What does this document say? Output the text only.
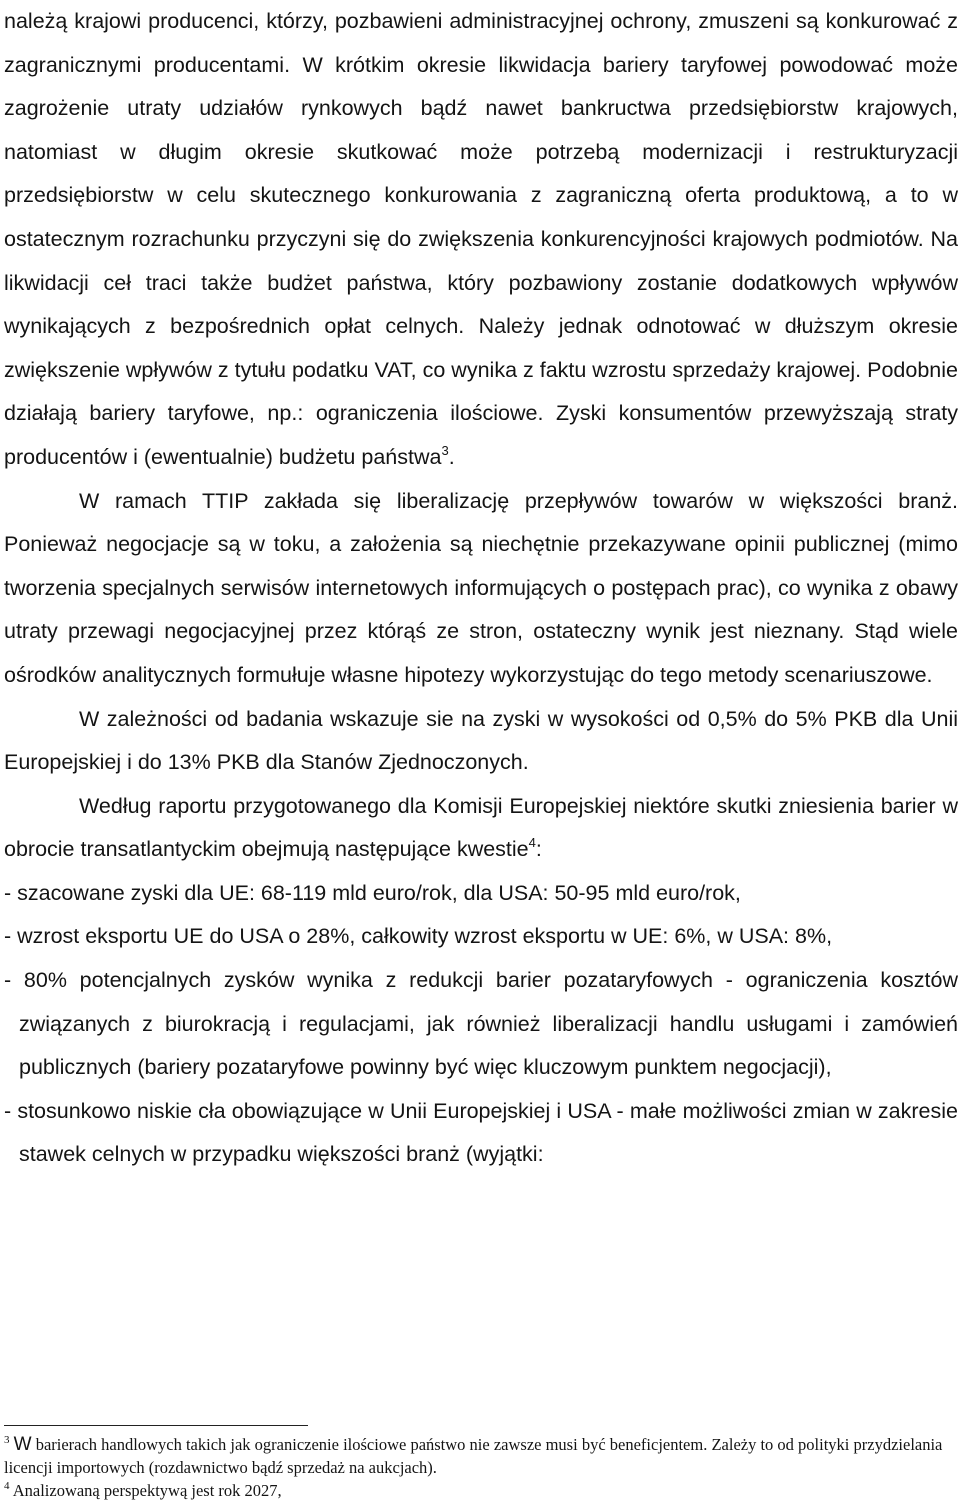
należą krajowi producenci, którzy, pozbawieni administracyjnej ochrony, zmuszeni są konkurować z zagranicznymi producentami. W krótkim okresie likwidacja bariery taryfowej powodować może zagrożenie utraty udziałów rynkowych bądź nawet bankructwa przedsiębiorstw krajowych, natomiast w długim okresie skutkować może potrzebą modernizacji i restrukturyzacji przedsiębiorstw w celu skutecznego konkurowania z zagraniczną oferta produktową, a to w ostatecznym rozrachunku przyczyni się do zwiększenia konkurencyjności krajowych podmiotów. Na likwidacji ceł traci także budżet państwa, który pozbawiony zostanie dodatkowych wpływów wynikających z bezpośrednich opłat celnych. Należy jednak odnotować w dłuższym okresie zwiększenie wpływów z tytułu podatku VAT, co wynika z faktu wzrostu sprzedaży krajowej. Podobnie działają bariery taryfowe, np.: ograniczenia ilościowe. Zyski konsumentów przewyższają straty producentów i (ewentualnie) budżetu państwa$^3$.

W ramach TTIP zakłada się liberalizację przepływów towarów w większości branż. Ponieważ negocjacje są w toku, a założenia są niechętnie przekazywane opinii publicznej (mimo tworzenia specjalnych serwisów internetowych informujących o postępach prac), co wynika z obawy utraty przewagi negocjacyjnej przez którąś ze stron, ostateczny wynik jest nieznany. Stąd wiele ośrodków analitycznych formułuje własne hipotezy wykorzystując do tego metody scenariuszowe.

W zależności od badania wskazuje sie na zyski w wysokości od 0,5% do 5% PKB dla Unii Europejskiej i do 13% PKB dla Stanów Zjednoczonych.

Według raportu przygotowanego dla Komisji Europejskiej niektóre skutki zniesienia barier w obrocie transatlantyckim obejmują następujące kwestie$^4$:

- szacowane zyski dla UE: 68-119 mld euro/rok, dla USA: 50-95 mld euro/rok,
- wzrost eksportu UE do USA o 28%, całkowity wzrost eksportu w UE: 6%, w USA: 8%,
- 80% potencjalnych zysków wynika z redukcji barier pozataryfowych - ograniczenia kosztów związanych z biurokracją i regulacjami, jak również liberalizacji handlu usługami i zamówień publicznych (bariery pozataryfowe powinny być więc kluczowym punktem negocjacji),
- stosunkowo niskie cła obowiązujące w Unii Europejskiej i USA - małe możliwości zmian w zakresie stawek celnych w przypadku większości branż (wyjątki:

$^3$ W barierach handlowych takich jak ograniczenie ilościowe państwo nie zawsze musi być beneficjentem. Zależy to od polityki przydzielania licencji importowych (rozdawnictwo bądź sprzedaż na aukcjach).

$^4$ Analizowaną perspektywą jest rok 2027,
